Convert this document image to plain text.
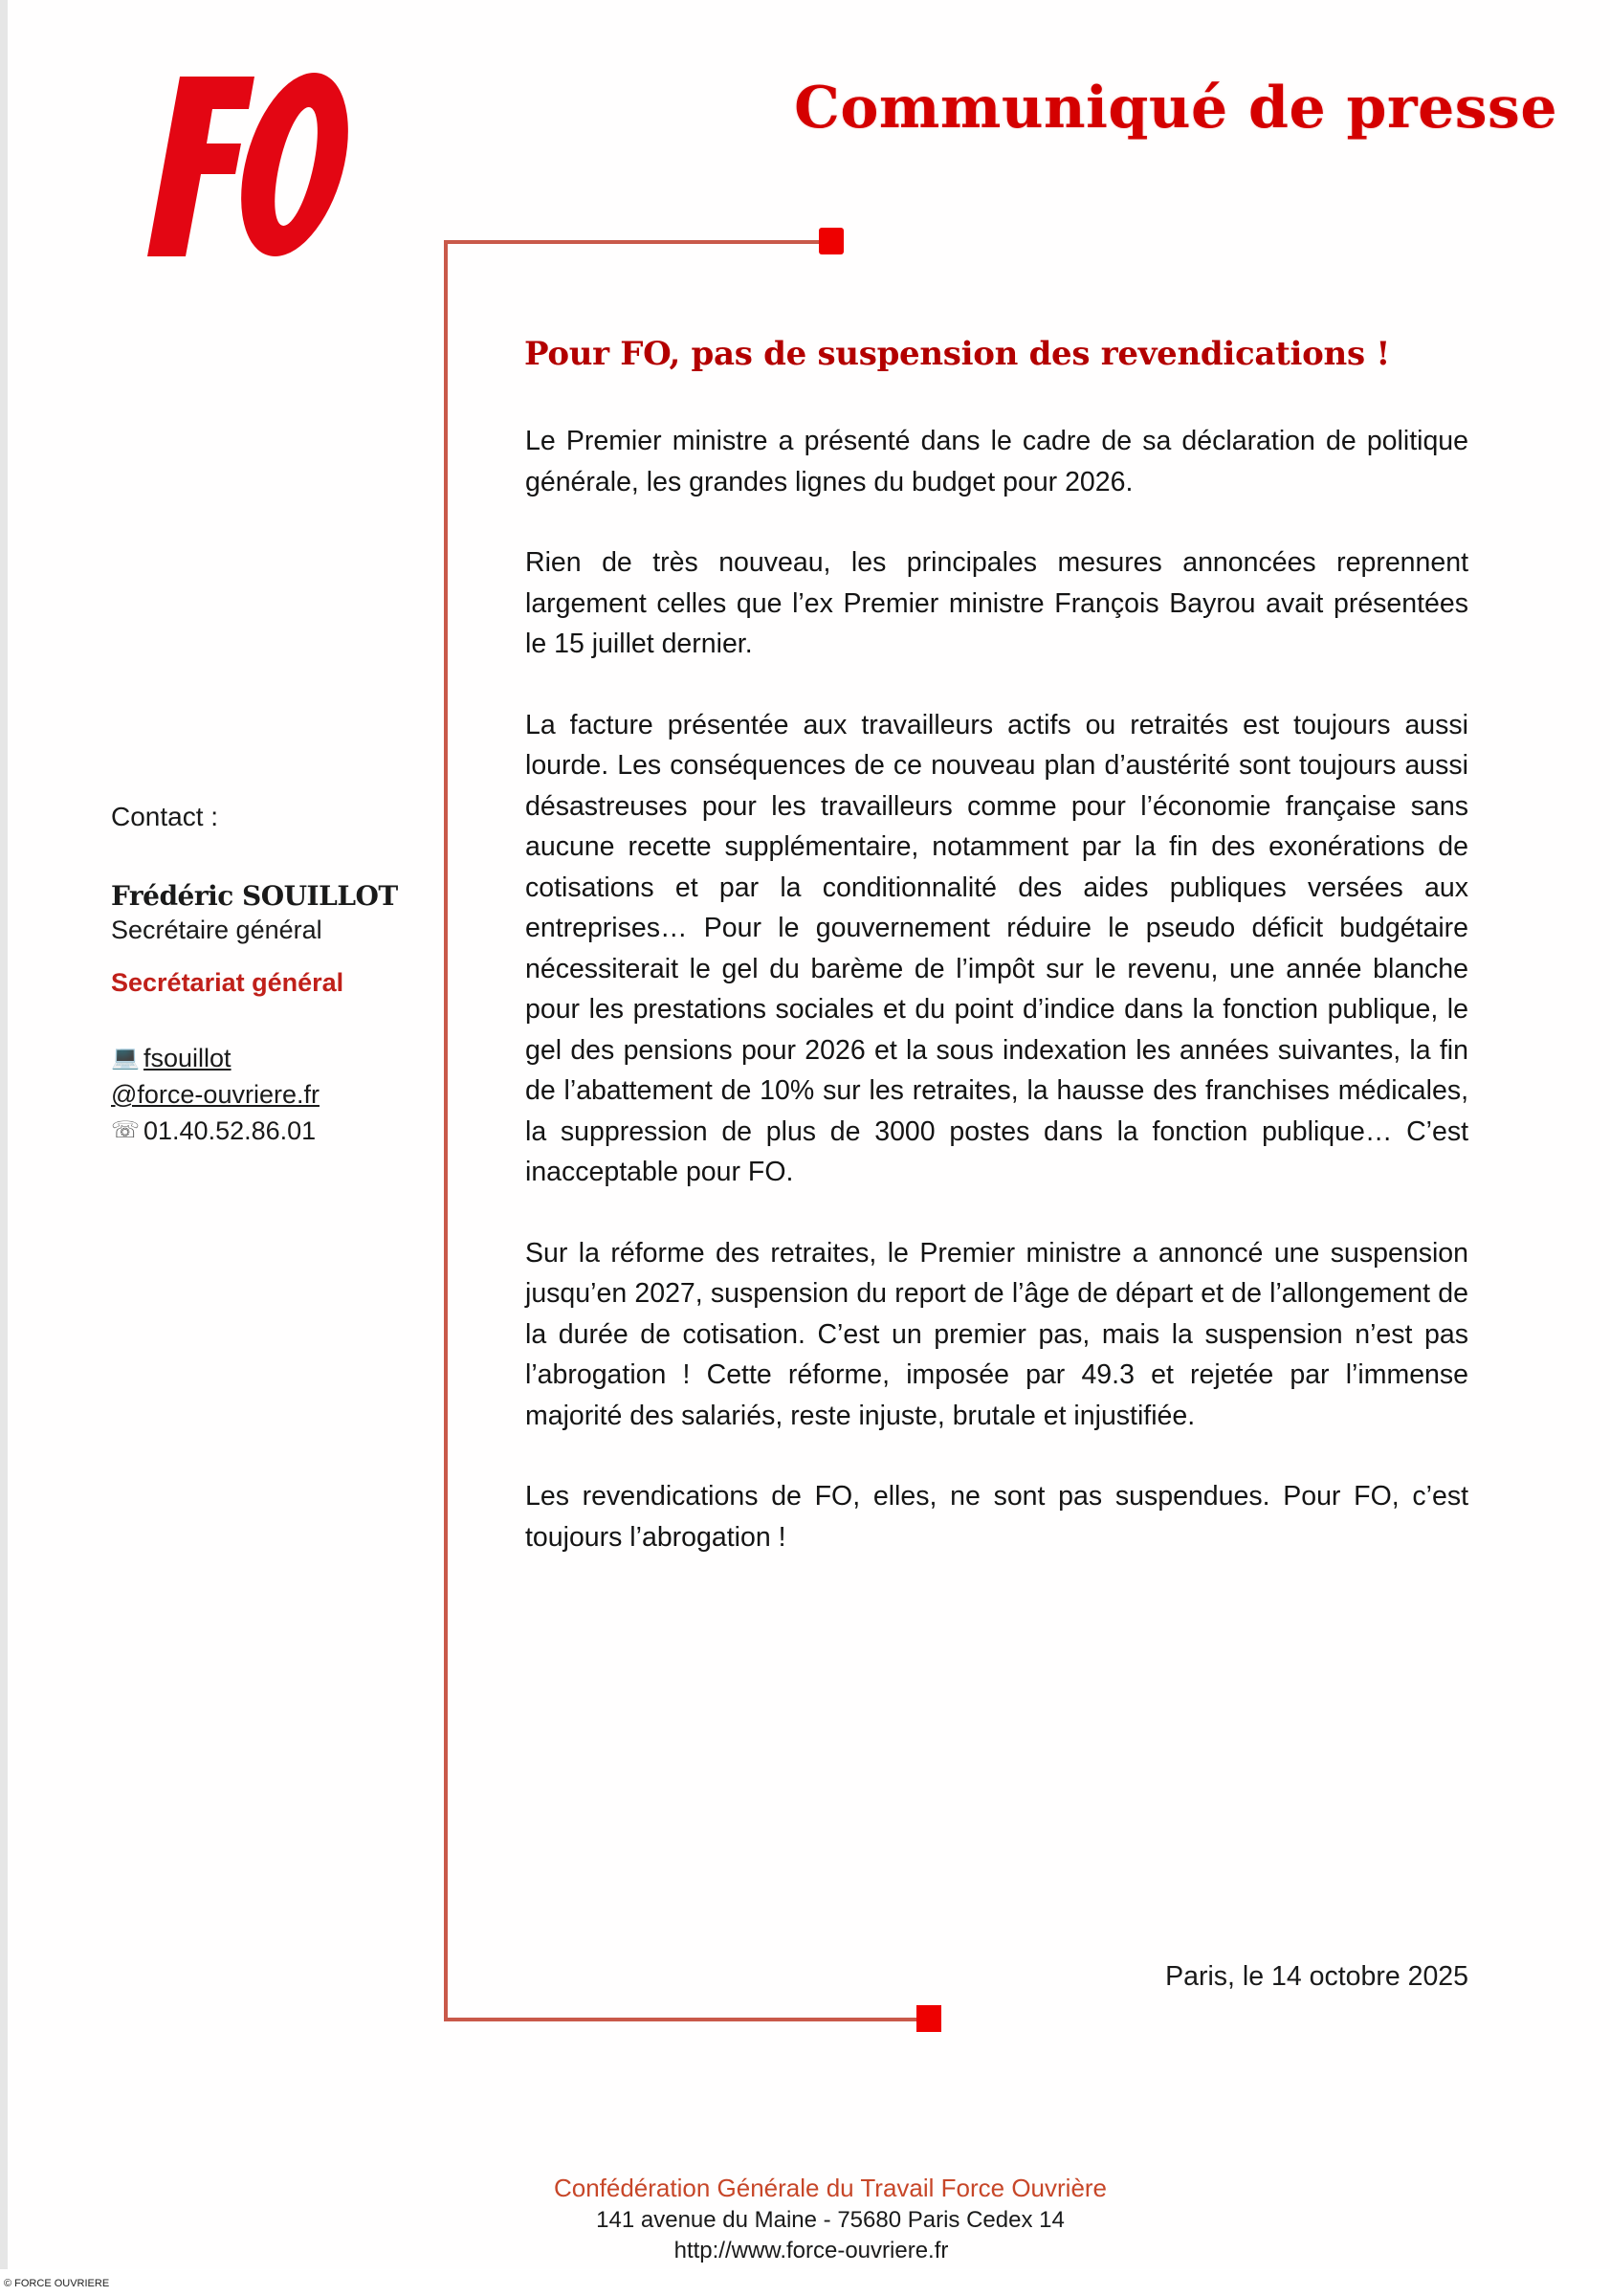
Communiqué de presse
Pour FO, pas de suspension des revendications !

Le Premier ministre a présenté dans le cadre de sa déclaration de politique générale, les grandes lignes du budget pour 2026.

Rien de très nouveau, les principales mesures annoncées reprennent largement celles que l’ex Premier ministre François Bayrou avait présentées le 15 juillet dernier.

La facture présentée aux travailleurs actifs ou retraités est toujours aussi lourde. Les conséquences de ce nouveau plan d’austérité sont toujours aussi désastreuses pour les travailleurs comme pour l’économie française sans aucune recette supplémentaire, notamment par la fin des exonérations de cotisations et par la conditionnalité des aides publiques versées aux entreprises… Pour le gouvernement réduire le pseudo déficit budgétaire nécessiterait le gel du barème de l’impôt sur le revenu, une année blanche pour les prestations sociales et du point d’indice dans la fonction publique, le gel des pensions pour 2026 et la sous indexation les années suivantes, la fin de l’abattement de 10% sur les retraites, la hausse des franchises médicales, la suppression de plus de 3000 postes dans la fonction publique… C’est inacceptable pour FO.

Sur la réforme des retraites, le Premier ministre a annoncé une suspension jusqu’en 2027, suspension du report de l’âge de départ et de l’allongement de la durée de cotisation. C’est un premier pas, mais la suspension n’est pas l’abrogation ! Cette réforme, imposée par 49.3 et rejetée par l’immense majorité des salariés, reste injuste, brutale et injustifiée.

Les revendications de FO, elles, ne sont pas suspendues. Pour FO, c’est toujours l’abrogation !

Contact :
Frédéric SOUILLOT
Secrétaire général
Secrétariat général
💻 fsouillot
@force-ouvriere.fr
☏ 01.40.52.86.01
Paris, le 14 octobre 2025
Confédération Générale du Travail Force Ouvrière
141 avenue du Maine - 75680 Paris Cedex 14
http://www.force-ouvriere.fr
© FORCE OUVRIERE
